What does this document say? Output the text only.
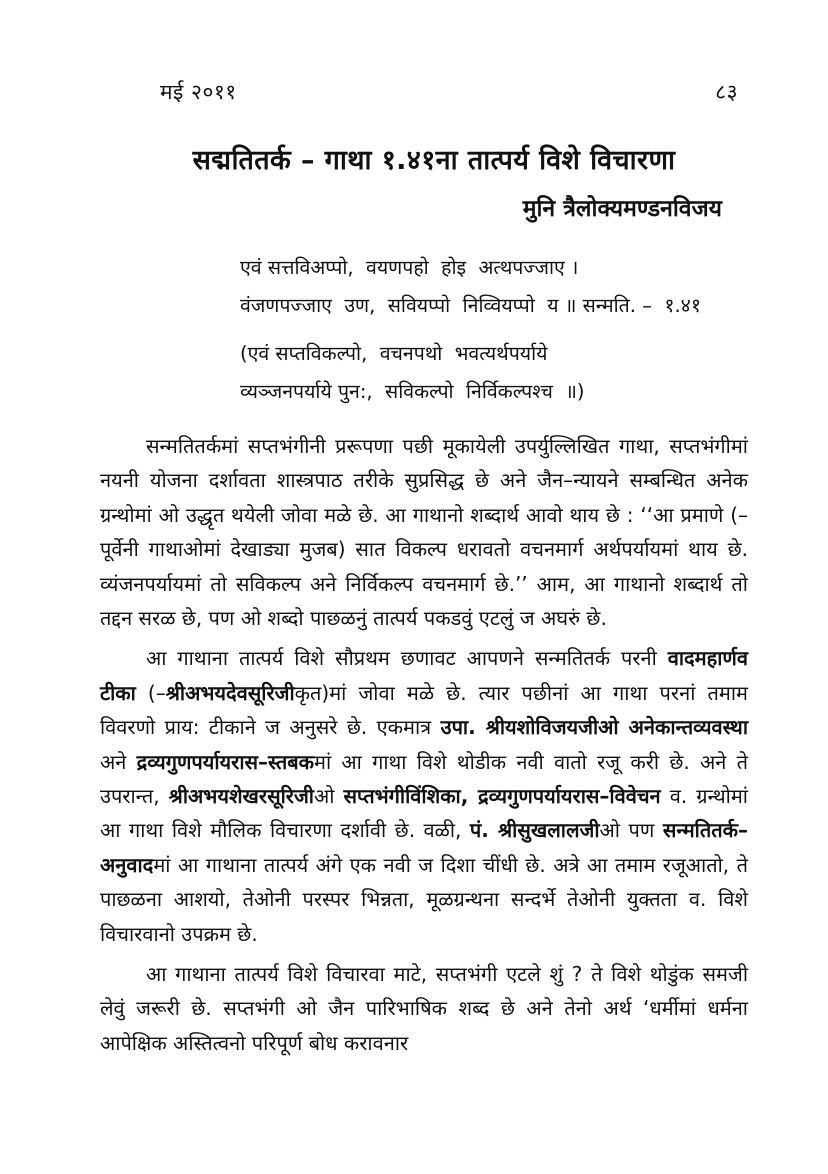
मई २०११	८३
सद्मतितर्क – गाथा १.४१ना तात्पर्य विशे विचारणा
मुनि त्रैलोक्यमण्डनविजय
एवं सत्तविअप्पो,  वयणपहो  होइ  अत्थपज्जाए ।
वंजणपज्जाए  उण,  सवियप्पो  निव्वियप्पो  य ॥ सन्मति. –  १.४१
(एवं सप्तविकल्पो,  वचनपथो  भवत्यर्थपर्याये
व्यञ्जनपर्याये पुन:,  सविकल्पो  निर्विकल्पश्च  ॥)

सन्मतितर्कमां सप्तभंगीनी प्ररूपणा पछी मूकायेली उपर्युल्लिखित गाथा, सप्तभंगीमां नयनी योजना दर्शावता शास्त्रपाठ तरीके सुप्रसिद्ध छे अने जैन–न्यायने सम्बन्धित अनेक ग्रन्थोमां ओ उद्धृत थयेली जोवा मळे छे. आ गाथानो शब्दार्थ आवो थाय छे : ‘‘आ प्रमाणे (–पूर्वेनी गाथाओमां देखाड्या मुजब) सात विकल्प धरावतो वचनमार्ग अर्थपर्यायमां थाय छे. व्यंजनपर्यायमां तो सविकल्प अने निर्विकल्प वचनमार्ग छे.’’ आम, आ गाथानो शब्दार्थ तो तद्दन सरळ छे, पण ओ शब्दो पाछळनुं तात्पर्य पकडवुं एटलुं ज अघरुं छे.

आ गाथाना तात्पर्य विशे सौप्रथम छणावट आपणने सन्मतितर्क परनी वादमहार्णव टीका (–श्रीअभयदेवसूरिजीकृत)मां जोवा मळे छे. त्यार पछीनां आ गाथा परनां तमाम विवरणो प्राय: टीकाने ज अनुसरे छे. एकमात्र उपा. श्रीयशोविजयजीओ अनेकान्तव्यवस्था अने द्रव्यगुणपर्यायरास–स्तबकमां आ गाथा विशे थोडीक नवी वातो रजू करी छे. अने ते उपरान्त, श्रीअभयशेखरसूरिजीओ सप्तभंगीविंशिका, द्रव्यगुणपर्यायरास–विवेचन व. ग्रन्थोमां आ गाथा विशे मौलिक विचारणा दर्शावी छे. वळी, पं. श्रीसुखलालजीओ पण सन्मतितर्क–अनुवादमां आ गाथाना तात्पर्य अंगे एक नवी ज दिशा चींधी छे. अत्रे आ तमाम रजूआतो, ते पाछळना आशयो, तेओनी परस्पर भिन्नता, मूळग्रन्थना सन्दर्भे तेओनी युक्तता व. विशे विचारवानो उपक्रम छे.

आ गाथाना तात्पर्य विशे विचारवा माटे, सप्तभंगी एटले शुं ? ते विशे थोडुंक समजी लेवुं जरूरी छे. सप्तभंगी ओ जैन पारिभाषिक शब्द छे अने तेनो अर्थ ‘धर्मीमां धर्मना आपेक्षिक अस्तित्वनो परिपूर्ण बोध करावनार
